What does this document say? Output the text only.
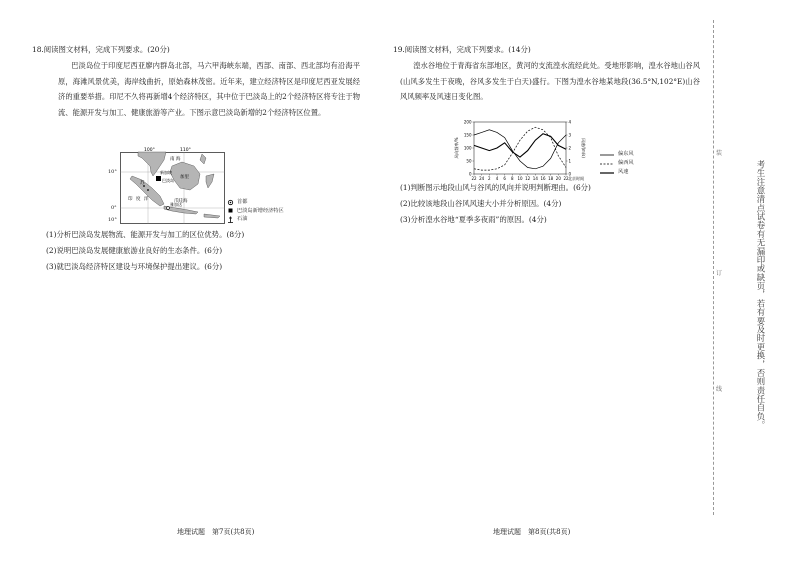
18.阅读图文材料，完成下列要求。(20分)
巴淡岛位于印度尼西亚廖内群岛北部，马六甲海峡东端，西部、南部、西北部均有沿海平原，海滩风景优美，海岸线曲折，原始森林茂密。近年来，建立经济特区是印度尼西亚发展经济的重要举措。印尼不久将再新增4个经济特区，其中位于巴淡岛上的2个经济特区将专注于物流、能源开发与加工、健康旅游等产业。下图示意巴淡岛新增的2个经济特区位置。
100°	110°
南 海
苏
加里
印 度 洋	爪哇海
新加坡
巴淡岛
雅加达
10°
0°
10°
首都
巴淡岛新增经济特区
石油
(1)分析巴淡岛发展物流、能源开发与加工的区位优势。(8分)
(2)说明巴淡岛发展健康旅游业良好的生态条件。(6分)
(3)就巴淡岛经济特区建设与环境保护提出建议。(6分)
地理试题　第7页(共8页)
19.阅读图文材料，完成下列要求。(14分)
湟水谷地位于青海省东部地区，黄河的支流湟水流经此处。受地形影响，湟水谷地山谷风(山风多发生于夜晚，谷风多发生于白天)盛行。下图为湟水谷地某地段(36.5°N,102°E)山谷风风频率及风速日变化图。
22 24 2 4 6 8 10 12 14 16 18 20 22
0
50
100
150
200
0
1
2
3
4
风向频率/%	风速/(m/s)
北京时间
偏东风
偏西风
风速
(1)判断图示地段山风与谷风的风向并说明判断理由。(6分)
(2)比较该地段山谷风风速大小并分析原因。(4分)
(3)分析湟水谷地“夏季多夜雨”的原因。(4分)
地理试题　第8页(共8页)
装
订
线	考生注意清点试卷有无漏印或缺页，若有要及时更换，否则责任自负。
